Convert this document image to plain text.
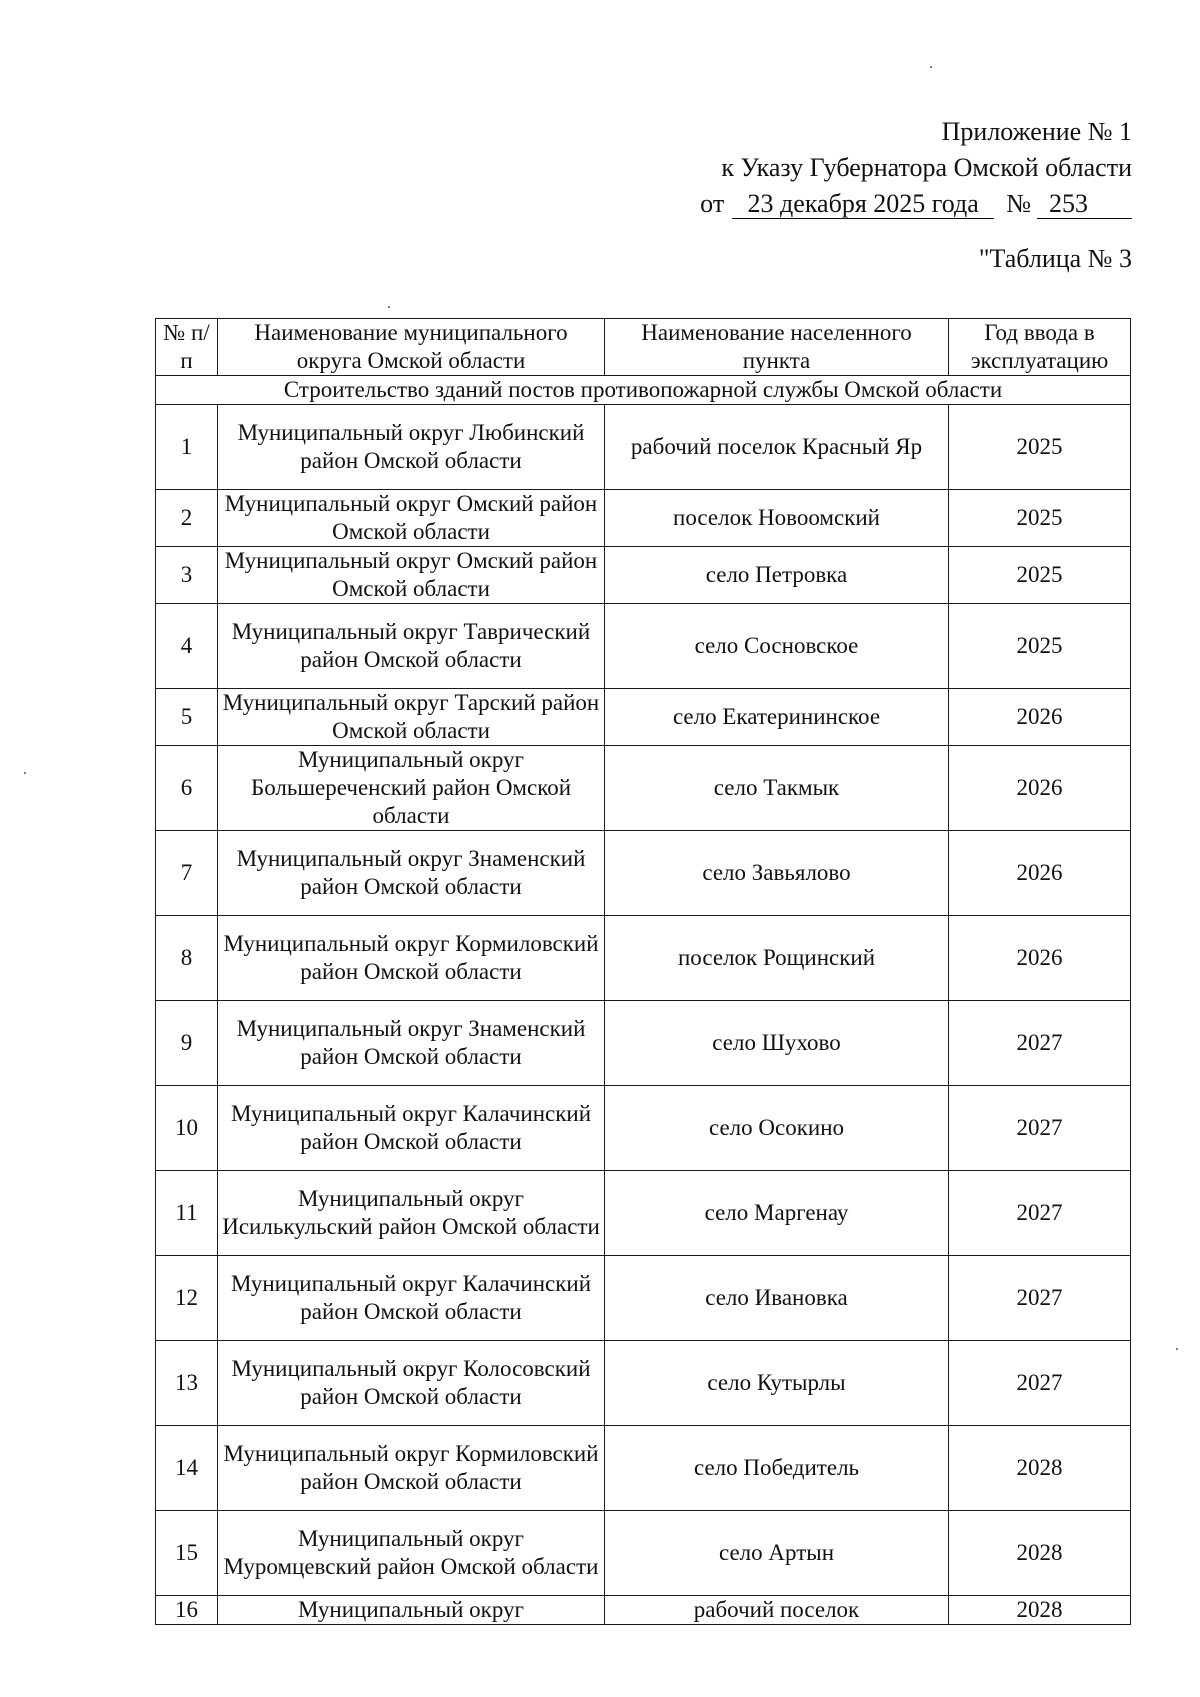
Приложение № 1
к Указу Губернатора Омской области
от 23 декабря 2025 года № 253
"Таблица № 3
№ п/п	Наименование муниципального округа Омской области	Наименование населенного пункта	Год ввода в эксплуатацию
Строительство зданий постов противопожарной службы Омской области			
1	Муниципальный округ Любинский район Омской области	рабочий поселок Красный Яр	2025
2	Муниципальный округ Омский район Омской области	поселок Новоомский	2025
3	Муниципальный округ Омский район Омской области	село Петровка	2025
4	Муниципальный округ Таврический район Омской области	село Сосновское	2025
5	Муниципальный округ Тарский район Омской области	село Екатерининское	2026
6	Муниципальный округ Большереченский район Омской области	село Такмык	2026
7	Муниципальный округ Знаменский район Омской области	село Завьялово	2026
8	Муниципальный округ Кормиловский район Омской области	поселок Рощинский	2026
9	Муниципальный округ Знаменский район Омской области	село Шухово	2027
10	Муниципальный округ Калачинский район Омской области	село Осокино	2027
11	Муниципальный округ Исилькульский район Омской области	село Маргенау	2027
12	Муниципальный округ Калачинский район Омской области	село Ивановка	2027
13	Муниципальный округ Колосовский район Омской области	село Кутырлы	2027
14	Муниципальный округ Кормиловский район Омской области	село Победитель	2028
15	Муниципальный округ Муромцевский район Омской области	село Артын	2028
16	Муниципальный округ	рабочий поселок	2028
